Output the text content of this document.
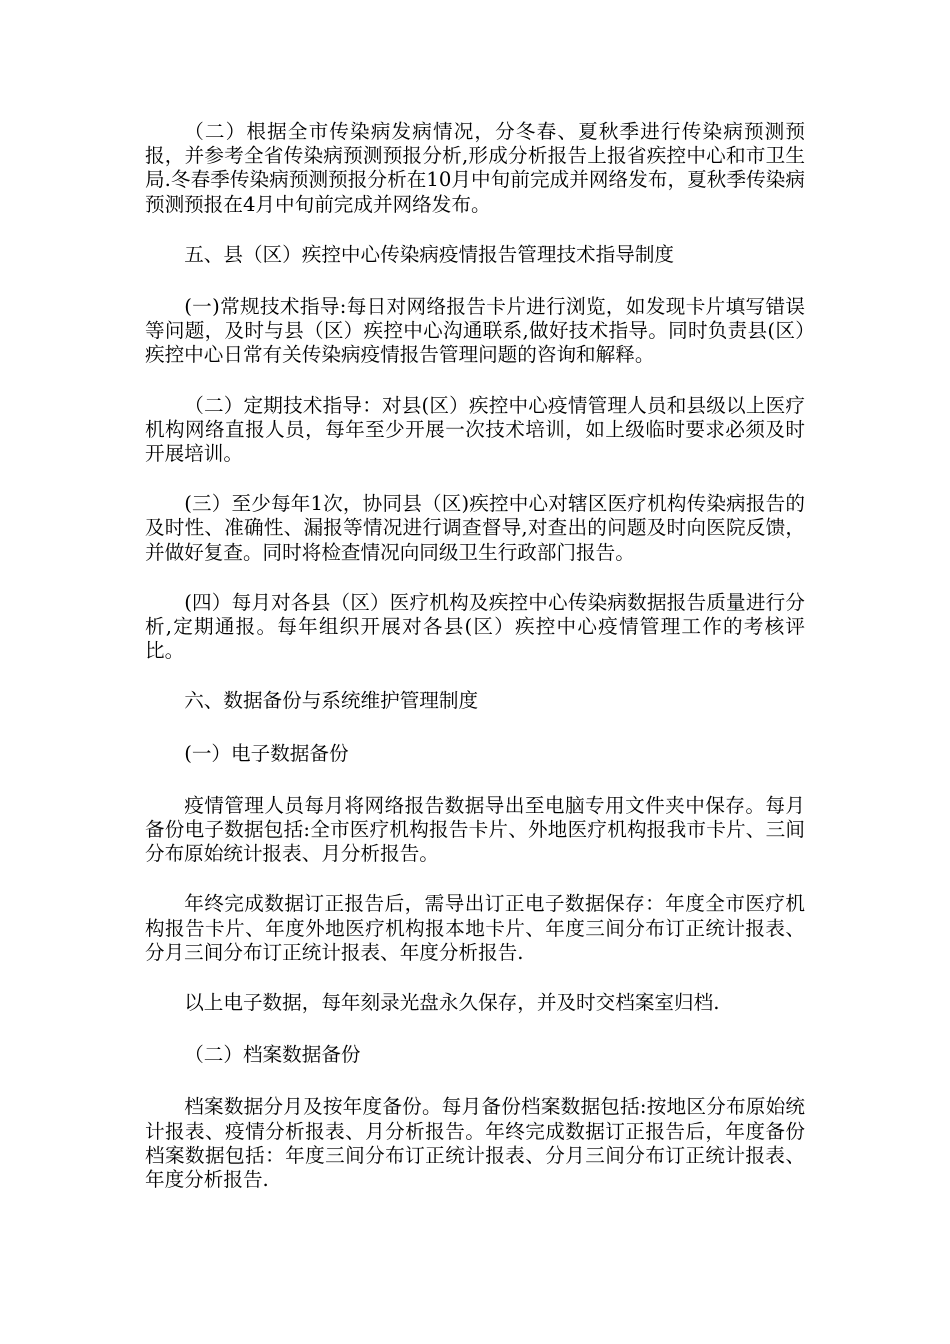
（二）根据全市传染病发病情况，分冬春、夏秋季进行传染病预测预报，并参考全省传染病预测预报分析,形成分析报告上报省疾控中心和市卫生局.冬春季传染病预测预报分析在10月中旬前完成并网络发布，夏秋季传染病预测预报在4月中旬前完成并网络发布。

五、县（区）疾控中心传染病疫情报告管理技术指导制度

(一)常规技术指导:每日对网络报告卡片进行浏览，如发现卡片填写错误等问题，及时与县（区）疾控中心沟通联系,做好技术指导。同时负责县(区）疾控中心日常有关传染病疫情报告管理问题的咨询和解释。

（二）定期技术指导：对县(区）疾控中心疫情管理人员和县级以上医疗机构网络直报人员，每年至少开展一次技术培训，如上级临时要求必须及时开展培训。

(三）至少每年1次，协同县（区)疾控中心对辖区医疗机构传染病报告的及时性、准确性、漏报等情况进行调查督导,对查出的问题及时向医院反馈，并做好复查。同时将检查情况向同级卫生行政部门报告。

(四）每月对各县（区）医疗机构及疾控中心传染病数据报告质量进行分析,定期通报。每年组织开展对各县(区）疾控中心疫情管理工作的考核评比。

六、数据备份与系统维护管理制度

(一）电子数据备份

疫情管理人员每月将网络报告数据导出至电脑专用文件夹中保存。每月备份电子数据包括:全市医疗机构报告卡片、外地医疗机构报我市卡片、三间分布原始统计报表、月分析报告。

年终完成数据订正报告后，需导出订正电子数据保存：年度全市医疗机构报告卡片、年度外地医疗机构报本地卡片、年度三间分布订正统计报表、分月三间分布订正统计报表、年度分析报告.

以上电子数据，每年刻录光盘永久保存，并及时交档案室归档.

（二）档案数据备份

档案数据分月及按年度备份。每月备份档案数据包括:按地区分布原始统计报表、疫情分析报表、月分析报告。年终完成数据订正报告后，年度备份档案数据包括：年度三间分布订正统计报表、分月三间分布订正统计报表、年度分析报告.
